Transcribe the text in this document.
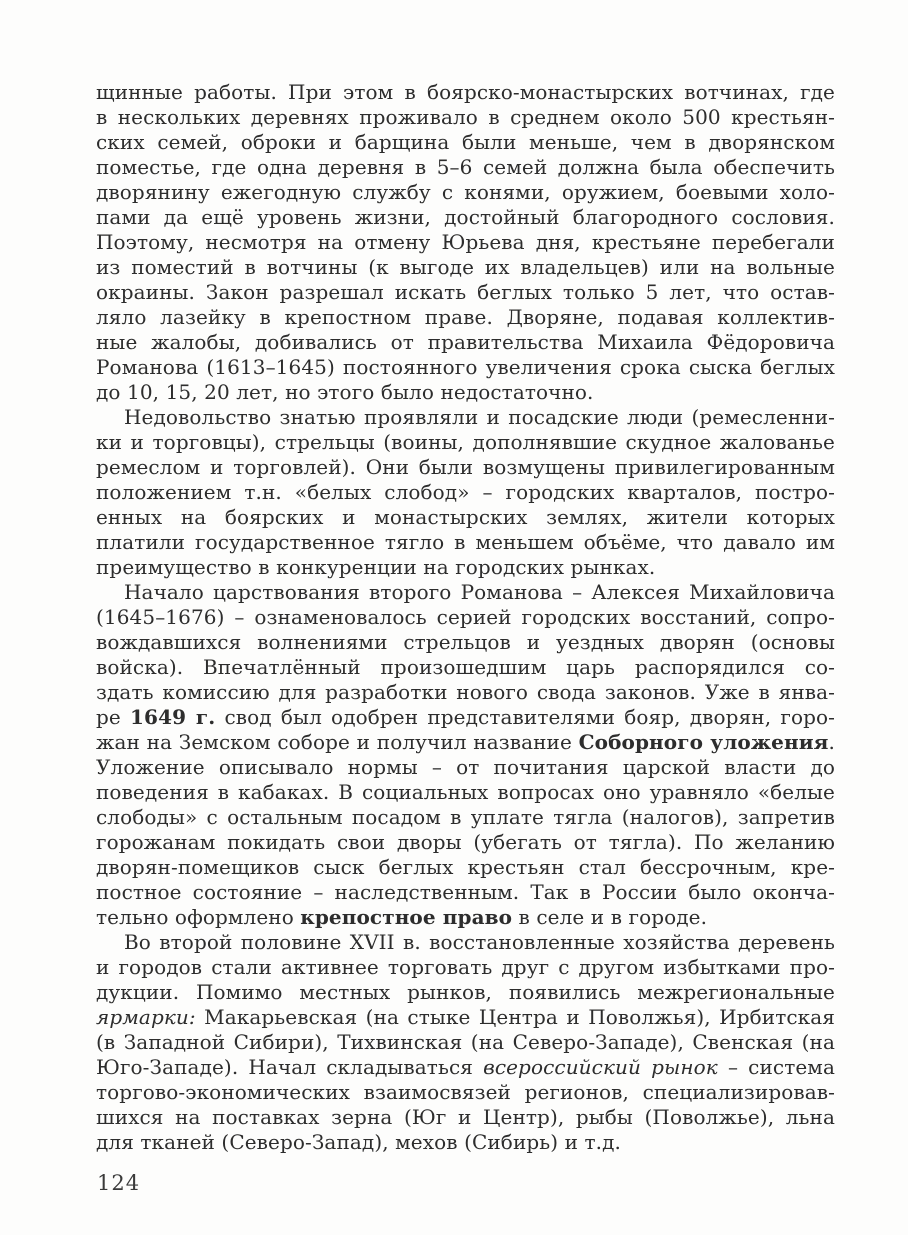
щинные работы. При этом в боярско-монастырских вотчинах, где
в нескольких деревнях проживало в среднем около 500 крестьян-
ских семей, оброки и барщина были меньше, чем в дворянском
поместье, где одна деревня в 5–6 семей должна была обеспечить
дворянину ежегодную службу с конями, оружием, боевыми холо-
пами да ещё уровень жизни, достойный благородного сословия.
Поэтому, несмотря на отмену Юрьева дня, крестьяне перебегали
из поместий в вотчины (к выгоде их владельцев) или на вольные
окраины. Закон разрешал искать беглых только 5 лет, что остав-
ляло лазейку в крепостном праве. Дворяне, подавая коллектив-
ные жалобы, добивались от правительства Михаила Фёдоровича
Романова (1613–1645) постоянного увеличения срока сыска беглых
до 10, 15, 20 лет, но этого было недостаточно.
Недовольство знатью проявляли и посадские люди (ремесленни-
ки и торговцы), стрельцы (воины, дополнявшие скудное жалованье
ремеслом и торговлей). Они были возмущены привилегированным
положением т.н. «белых слобод» – городских кварталов, постро-
енных на боярских и монастырских землях, жители которых
платили государственное тягло в меньшем объёме, что давало им
преимущество в конкуренции на городских рынках.
Начало царствования второго Романова – Алексея Михайловича
(1645–1676) – ознаменовалось серией городских восстаний, сопро-
вождавшихся волнениями стрельцов и уездных дворян (основы
войска). Впечатлённый произошедшим царь распорядился со-
здать комиссию для разработки нового свода законов. Уже в янва-
ре 1649 г. свод был одобрен представителями бояр, дворян, горо-
жан на Земском соборе и получил название Соборного уложения.
Уложение описывало нормы – от почитания царской власти до
поведения в кабаках. В социальных вопросах оно уравняло «белые
слободы» с остальным посадом в уплате тягла (налогов), запретив
горожанам покидать свои дворы (убегать от тягла). По желанию
дворян-помещиков сыск беглых крестьян стал бессрочным, кре-
постное состояние – наследственным. Так в России было оконча-
тельно оформлено крепостное право в селе и в городе.
Во второй половине XVII в. восстановленные хозяйства деревень
и городов стали активнее торговать друг с другом избытками про-
дукции. Помимо местных рынков, появились межрегиональные
ярмарки: Макарьевская (на стыке Центра и Поволжья), Ирбитская
(в Западной Сибири), Тихвинская (на Северо-Западе), Свенская (на
Юго-Западе). Начал складываться всероссийский рынок – система
торгово-экономических взаимосвязей регионов, специализировав-
шихся на поставках зерна (Юг и Центр), рыбы (Поволжье), льна
для тканей (Северо-Запад), мехов (Сибирь) и т.д.
124
